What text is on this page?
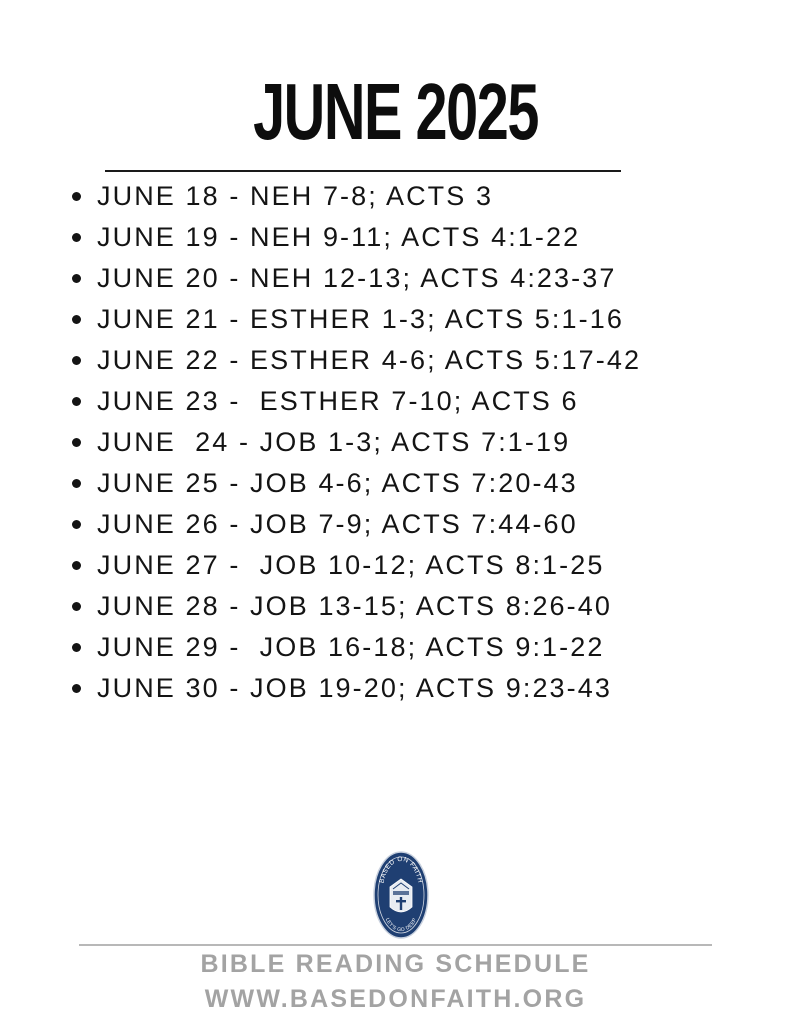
JUNE 2025
JUNE 18 - NEH 7-8; ACTS 3
JUNE 19 - NEH 9-11; ACTS 4:1-22
JUNE 20 - NEH 12-13; ACTS 4:23-37
JUNE 21 - ESTHER 1-3; ACTS 5:1-16
JUNE 22 - ESTHER 4-6; ACTS 5:17-42
JUNE 23 -  ESTHER 7-10; ACTS 6
JUNE  24 - JOB 1-3; ACTS 7:1-19
JUNE 25 - JOB 4-6; ACTS 7:20-43
JUNE 26 - JOB 7-9; ACTS 7:44-60
JUNE 27 -  JOB 10-12; ACTS 8:1-25
JUNE 28 - JOB 13-15; ACTS 8:26-40
JUNE 29 -  JOB 16-18; ACTS 9:1-22
JUNE 30 - JOB 19-20; ACTS 9:23-43
BASED ON FAITH
LET'S GO DEEP
BIBLE READING SCHEDULE
WWW.BASEDONFAITH.ORG
